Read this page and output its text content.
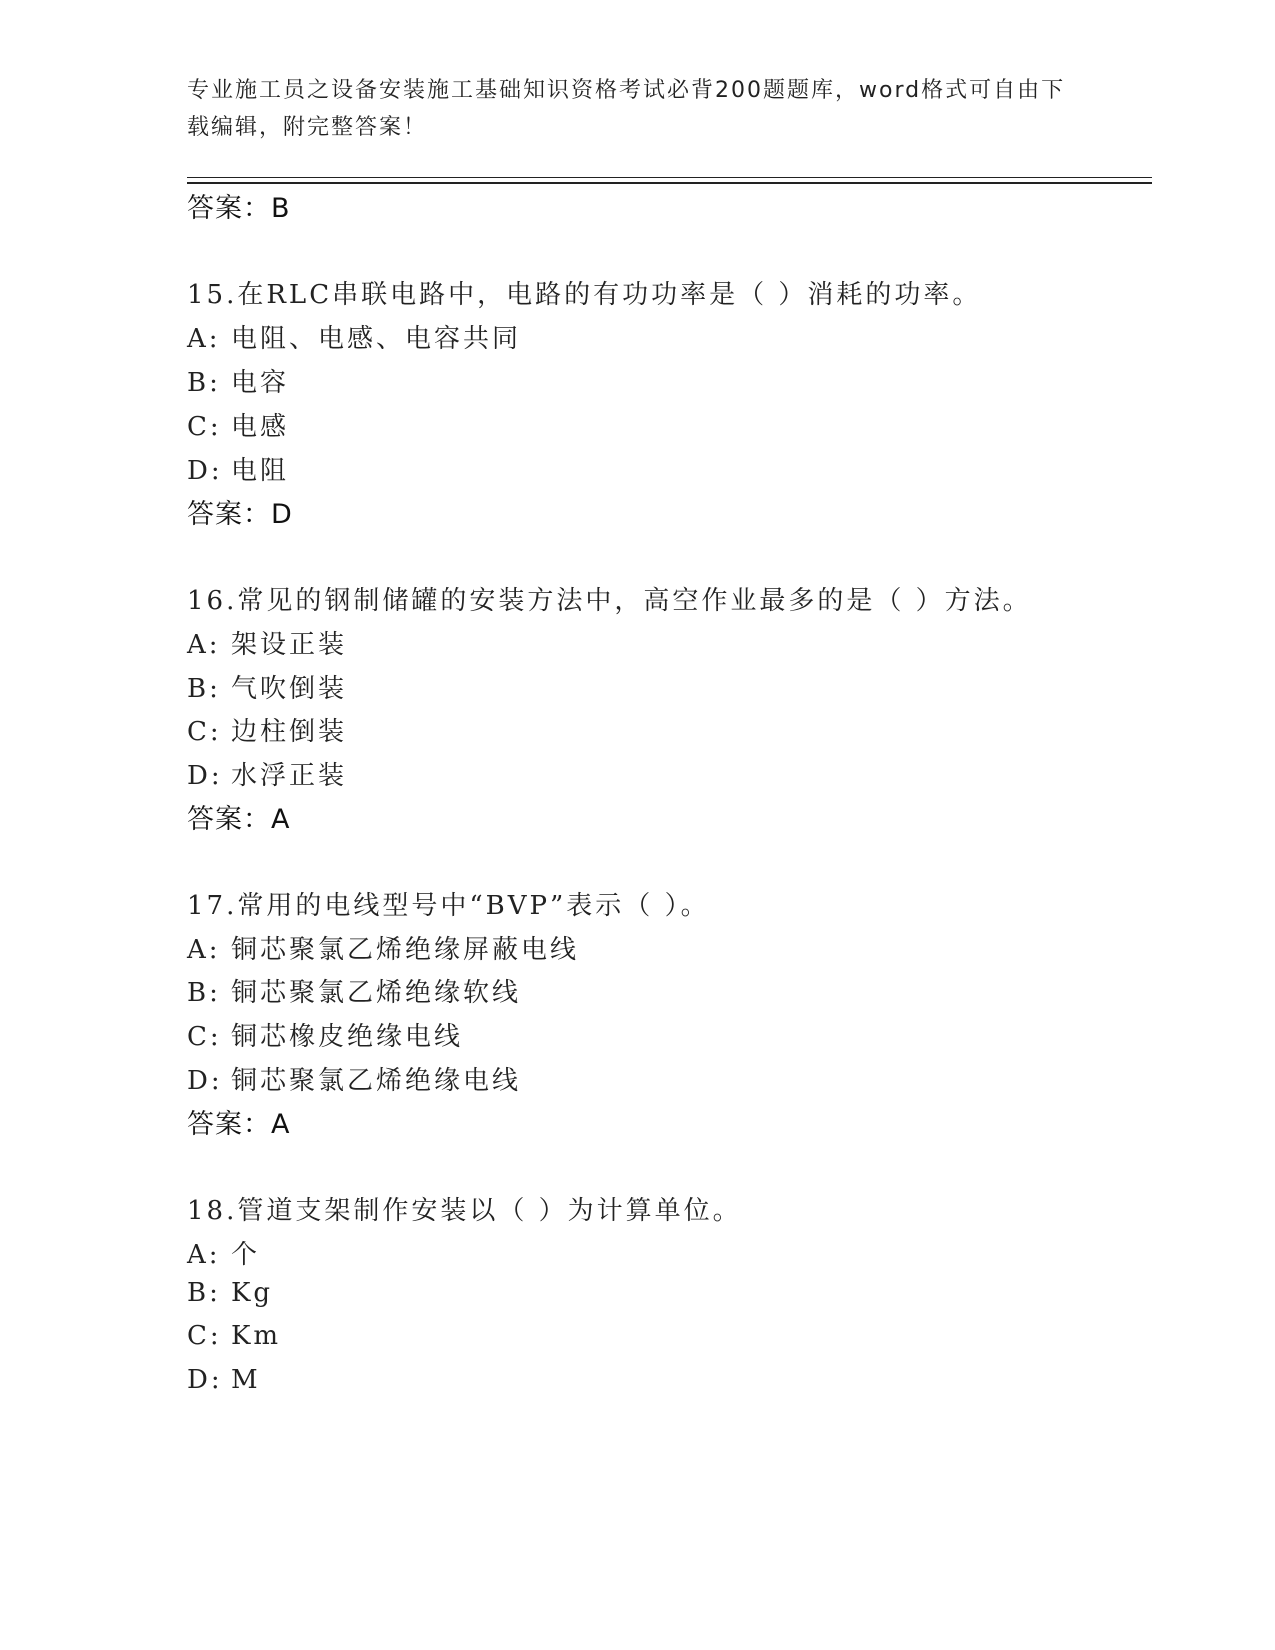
专业施工员之设备安装施工基础知识资格考试必背200题题库，word格式可自由下载编辑，附完整答案！
答案：B
15.在RLC串联电路中，电路的有功功率是（ ）消耗的功率。
A: 电阻、电感、电容共同
B: 电容
C: 电感
D: 电阻
答案：D
16.常见的钢制储罐的安装方法中，高空作业最多的是（ ）方法。
A: 架设正装
B: 气吹倒装
C: 边柱倒装
D: 水浮正装
答案：A
17.常用的电线型号中“BVP”表示（ ）。
A: 铜芯聚氯乙烯绝缘屏蔽电线
B: 铜芯聚氯乙烯绝缘软线
C: 铜芯橡皮绝缘电线
D: 铜芯聚氯乙烯绝缘电线
答案：A
18.管道支架制作安装以（ ）为计算单位。
A: 个
B: Kg
C: Km
D: M
